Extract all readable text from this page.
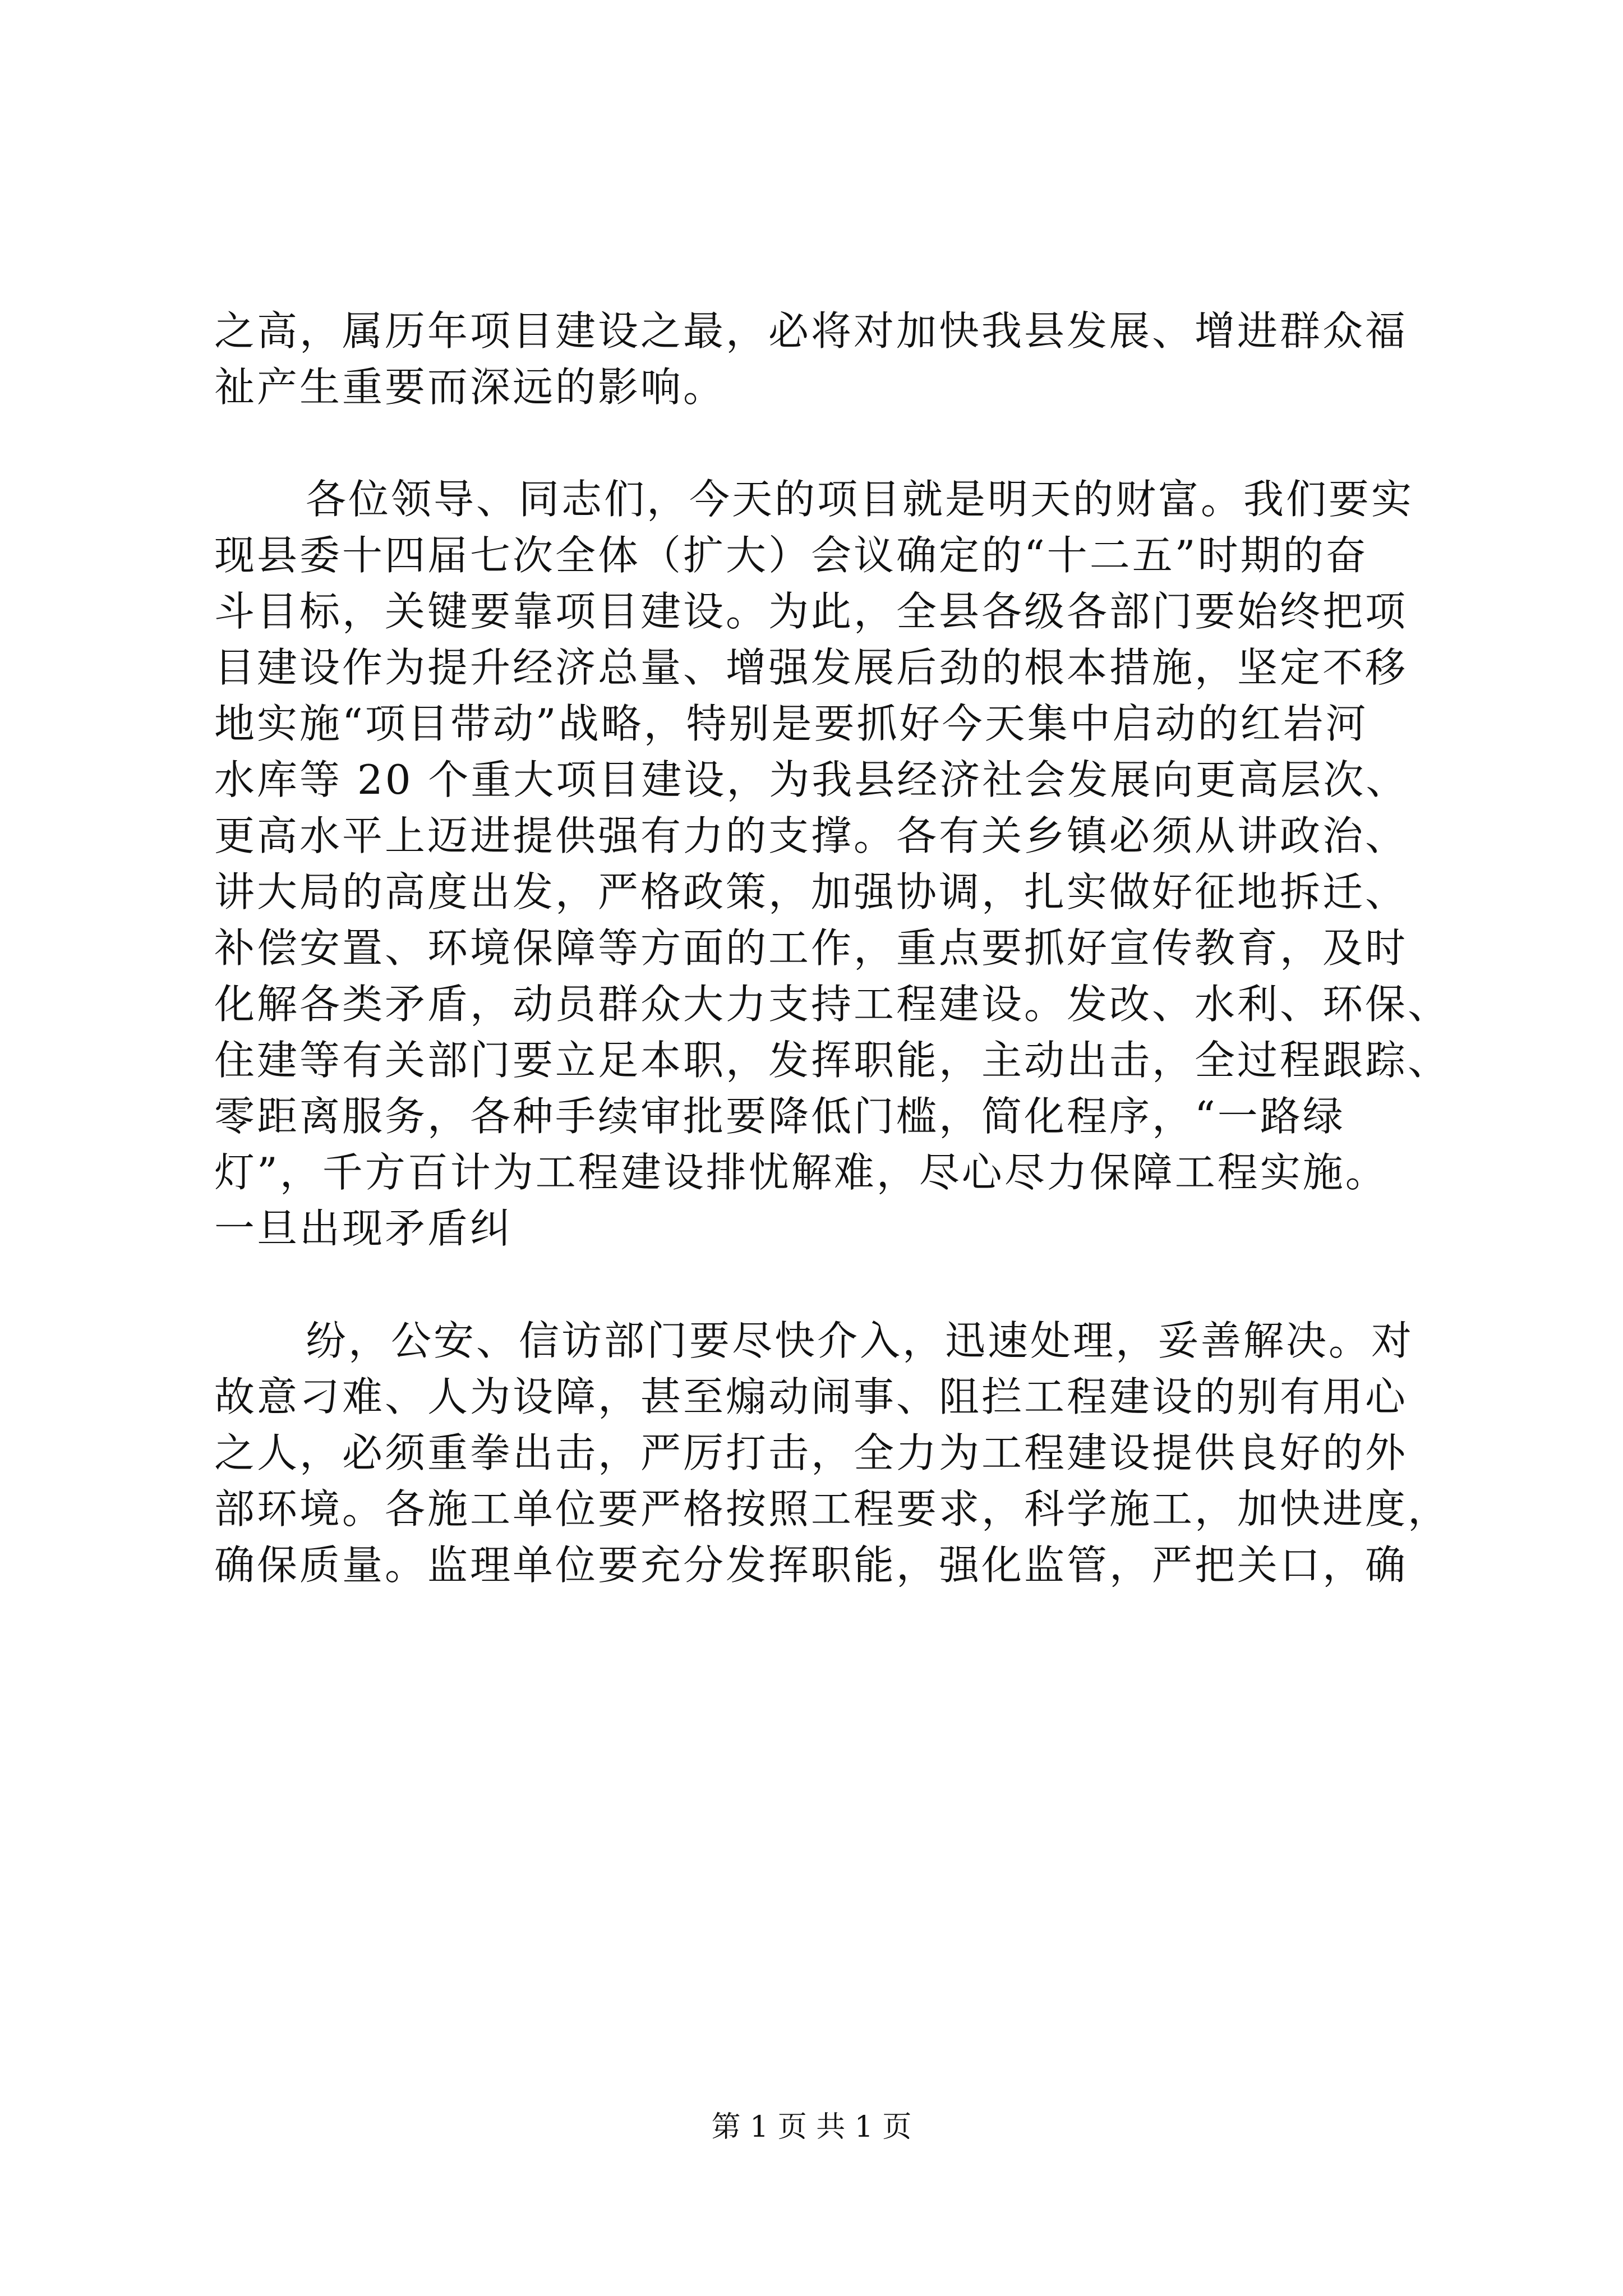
之高，属历年项目建设之最，必将对加快我县发展、增进群众福
祉产生重要而深远的影响。
各位领导、同志们，今天的项目就是明天的财富。我们要实
现县委十四届七次全体（扩大）会议确定的“十二五”时期的奋
斗目标，关键要靠项目建设。为此，全县各级各部门要始终把项
目建设作为提升经济总量、增强发展后劲的根本措施，坚定不移
地实施“项目带动”战略，特别是要抓好今天集中启动的红岩河
水库等 20 个重大项目建设，为我县经济社会发展向更高层次、
更高水平上迈进提供强有力的支撑。各有关乡镇必须从讲政治、
讲大局的高度出发，严格政策，加强协调，扎实做好征地拆迁、
补偿安置、环境保障等方面的工作，重点要抓好宣传教育，及时
化解各类矛盾，动员群众大力支持工程建设。发改、水利、环保、
住建等有关部门要立足本职，发挥职能，主动出击，全过程跟踪、
零距离服务，各种手续审批要降低门槛，简化程序，“一路绿
灯”，千方百计为工程建设排忧解难，尽心尽力保障工程实施。
一旦出现矛盾纠
纷，公安、信访部门要尽快介入，迅速处理，妥善解决。对
故意刁难、人为设障，甚至煽动闹事、阻拦工程建设的别有用心
之人，必须重拳出击，严厉打击，全力为工程建设提供良好的外
部环境。各施工单位要严格按照工程要求，科学施工，加快进度，
确保质量。监理单位要充分发挥职能，强化监管，严把关口，确
第 1 页 共 1 页
